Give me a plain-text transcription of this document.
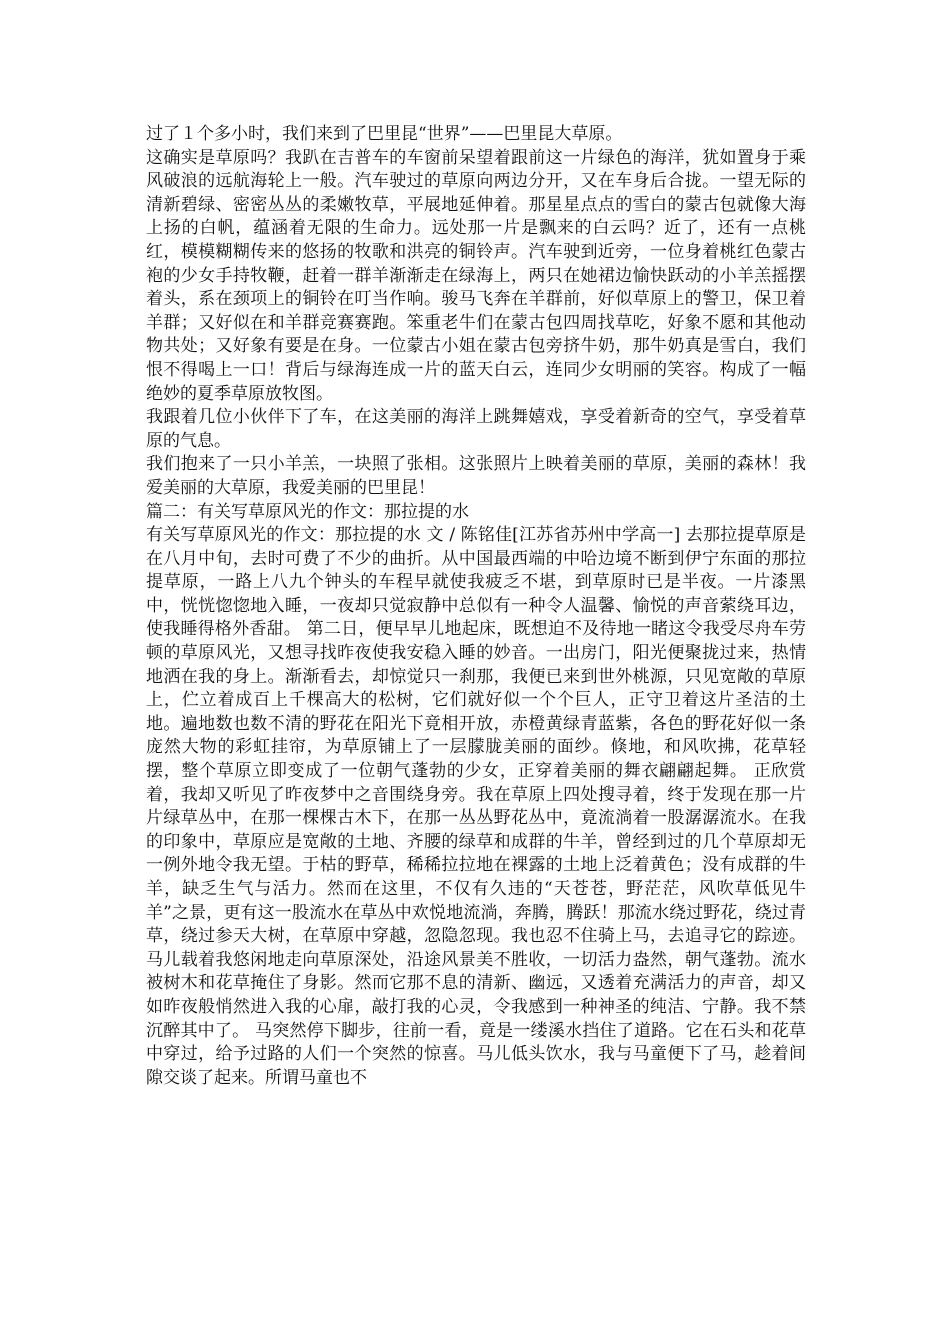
过了１个多小时，我们来到了巴里昆“世界”——巴里昆大草原。

这确实是草原吗？我趴在吉普车的车窗前呆望着跟前这一片绿色的海洋，犹如置身于乘风破浪的远航海轮上一般。汽车驶过的草原向两边分开，又在车身后合拢。一望无际的清新碧绿、密密丛丛的柔嫩牧草，平展地延伸着。那星星点点的雪白的蒙古包就像大海上扬的白帆，蕴涵着无限的生命力。远处那一片是飘来的白云吗？近了，还有一点桃红，模模糊糊传来的悠扬的牧歌和洪亮的铜铃声。汽车驶到近旁，一位身着桃红色蒙古袍的少女手持牧鞭，赶着一群羊渐渐走在绿海上，两只在她裙边愉快跃动的小羊羔摇摆着头，系在颈项上的铜铃在叮当作响。骏马飞奔在羊群前，好似草原上的警卫，保卫着羊群；又好似在和羊群竞赛赛跑。笨重老牛们在蒙古包四周找草吃，好象不愿和其他动物共处；又好象有要是在身。一位蒙古小姐在蒙古包旁挤牛奶，那牛奶真是雪白，我们恨不得喝上一口！背后与绿海连成一片的蓝天白云，连同少女明丽的笑容。构成了一幅绝妙的夏季草原放牧图。

我跟着几位小伙伴下了车，在这美丽的海洋上跳舞嬉戏，享受着新奇的空气，享受着草原的气息。

我们抱来了一只小羊羔，一块照了张相。这张照片上映着美丽的草原，美丽的森林！我爱美丽的大草原，我爱美丽的巴里昆！

篇二：有关写草原风光的作文：那拉提的水

有关写草原风光的作文：那拉提的水 文 / 陈铭佳[江苏省苏州中学高一] 去那拉提草原是在八月中旬，去时可费了不少的曲折。从中国最西端的中哈边境不断到伊宁东面的那拉提草原，一路上八九个钟头的车程早就使我疲乏不堪，到草原时已是半夜。一片漆黑中，恍恍惚惚地入睡，一夜却只觉寂静中总似有一种令人温馨、愉悦的声音萦绕耳边，使我睡得格外香甜。 第二日，便早早儿地起床，既想迫不及待地一睹这令我受尽舟车劳顿的草原风光，又想寻找昨夜使我安稳入睡的妙音。一出房门，阳光便聚拢过来，热情地洒在我的身上。渐渐看去，却惊觉只一刹那，我便已来到世外桃源，只见宽敞的草原上，伫立着成百上千棵高大的松树，它们就好似一个个巨人，正守卫着这片圣洁的土地。遍地数也数不清的野花在阳光下竟相开放，赤橙黄绿青蓝紫，各色的野花好似一条庞然大物的彩虹挂帘，为草原铺上了一层朦胧美丽的面纱。倏地，和风吹拂，花草轻摆，整个草原立即变成了一位朝气蓬勃的少女，正穿着美丽的舞衣翩翩起舞。 正欣赏着，我却又听见了昨夜梦中之音围绕身旁。我在草原上四处搜寻着，终于发现在那一片片绿草丛中，在那一棵棵古木下，在那一丛丛野花丛中，竟流淌着一股潺潺流水。在我的印象中，草原应是宽敞的土地、齐腰的绿草和成群的牛羊，曾经到过的几个草原却无一例外地令我无望。于枯的野草，稀稀拉拉地在裸露的土地上泛着黄色；没有成群的牛羊，缺乏生气与活力。然而在这里，不仅有久违的“天苍苍，野茫茫，风吹草低见牛羊”之景，更有这一股流水在草丛中欢悦地流淌，奔腾，腾跃！那流水绕过野花，绕过青草，绕过参天大树，在草原中穿越，忽隐忽现。我也忍不住骑上马，去追寻它的踪迹。马儿载着我悠闲地走向草原深处，沿途风景美不胜收，一切活力盎然，朝气蓬勃。流水被树木和花草掩住了身影。然而它那不息的清新、幽远，又透着充满活力的声音，却又如昨夜般悄然进入我的心扉，敲打我的心灵，令我感到一种神圣的纯洁、宁静。我不禁沉醉其中了。 马突然停下脚步，往前一看，竟是一缕溪水挡住了道路。它在石头和花草中穿过，给予过路的人们一个突然的惊喜。马儿低头饮水，我与马童便下了马，趁着间隙交谈了起来。所谓马童也不
